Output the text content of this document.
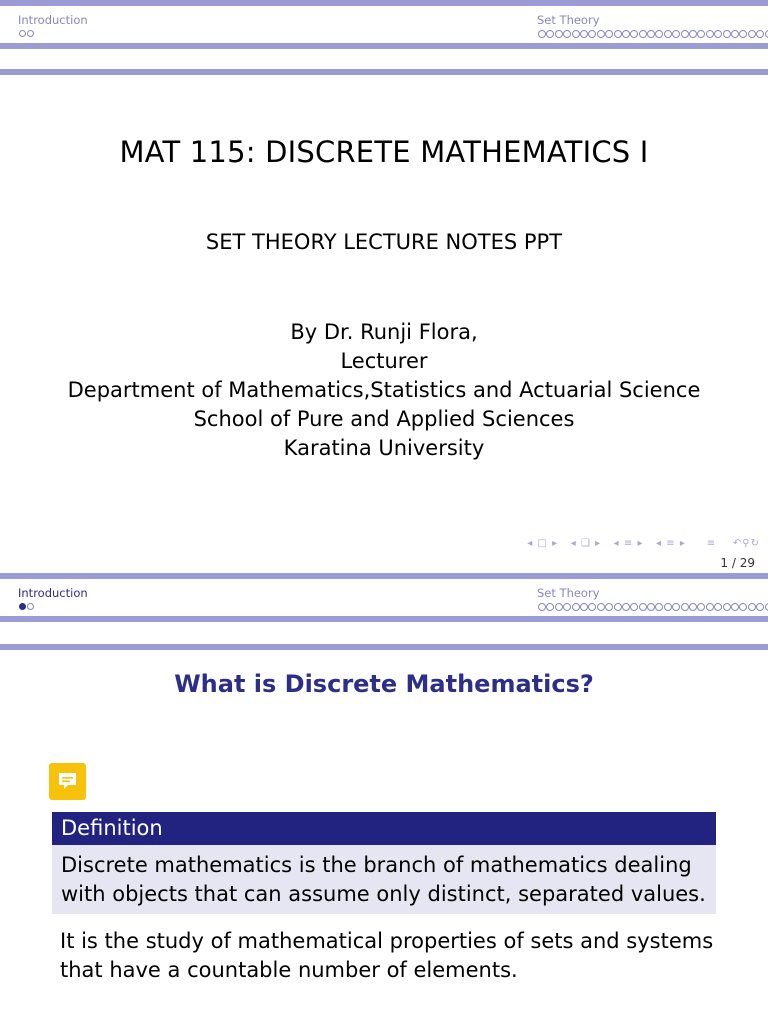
Introduction	Set Theory
MAT 115: DISCRETE MATHEMATICS I
SET THEORY LECTURE NOTES PPT
By Dr. Runji Flora,
Lecturer
Department of Mathematics,Statistics and Actuarial Science
School of Pure and Applied Sciences
Karatina University
◂ □ ▸ ◂ ❑ ▸ ◂ ≡ ▸ ◂ ≡ ▸ ≡ ↶⚲↻
1 / 29
Introduction	Set Theory
What is Discrete Mathematics?
Definition
Discrete mathematics is the branch of mathematics dealing with objects that can assume only distinct, separated values.
It is the study of mathematical properties of sets and systems that have a countable number of elements.
